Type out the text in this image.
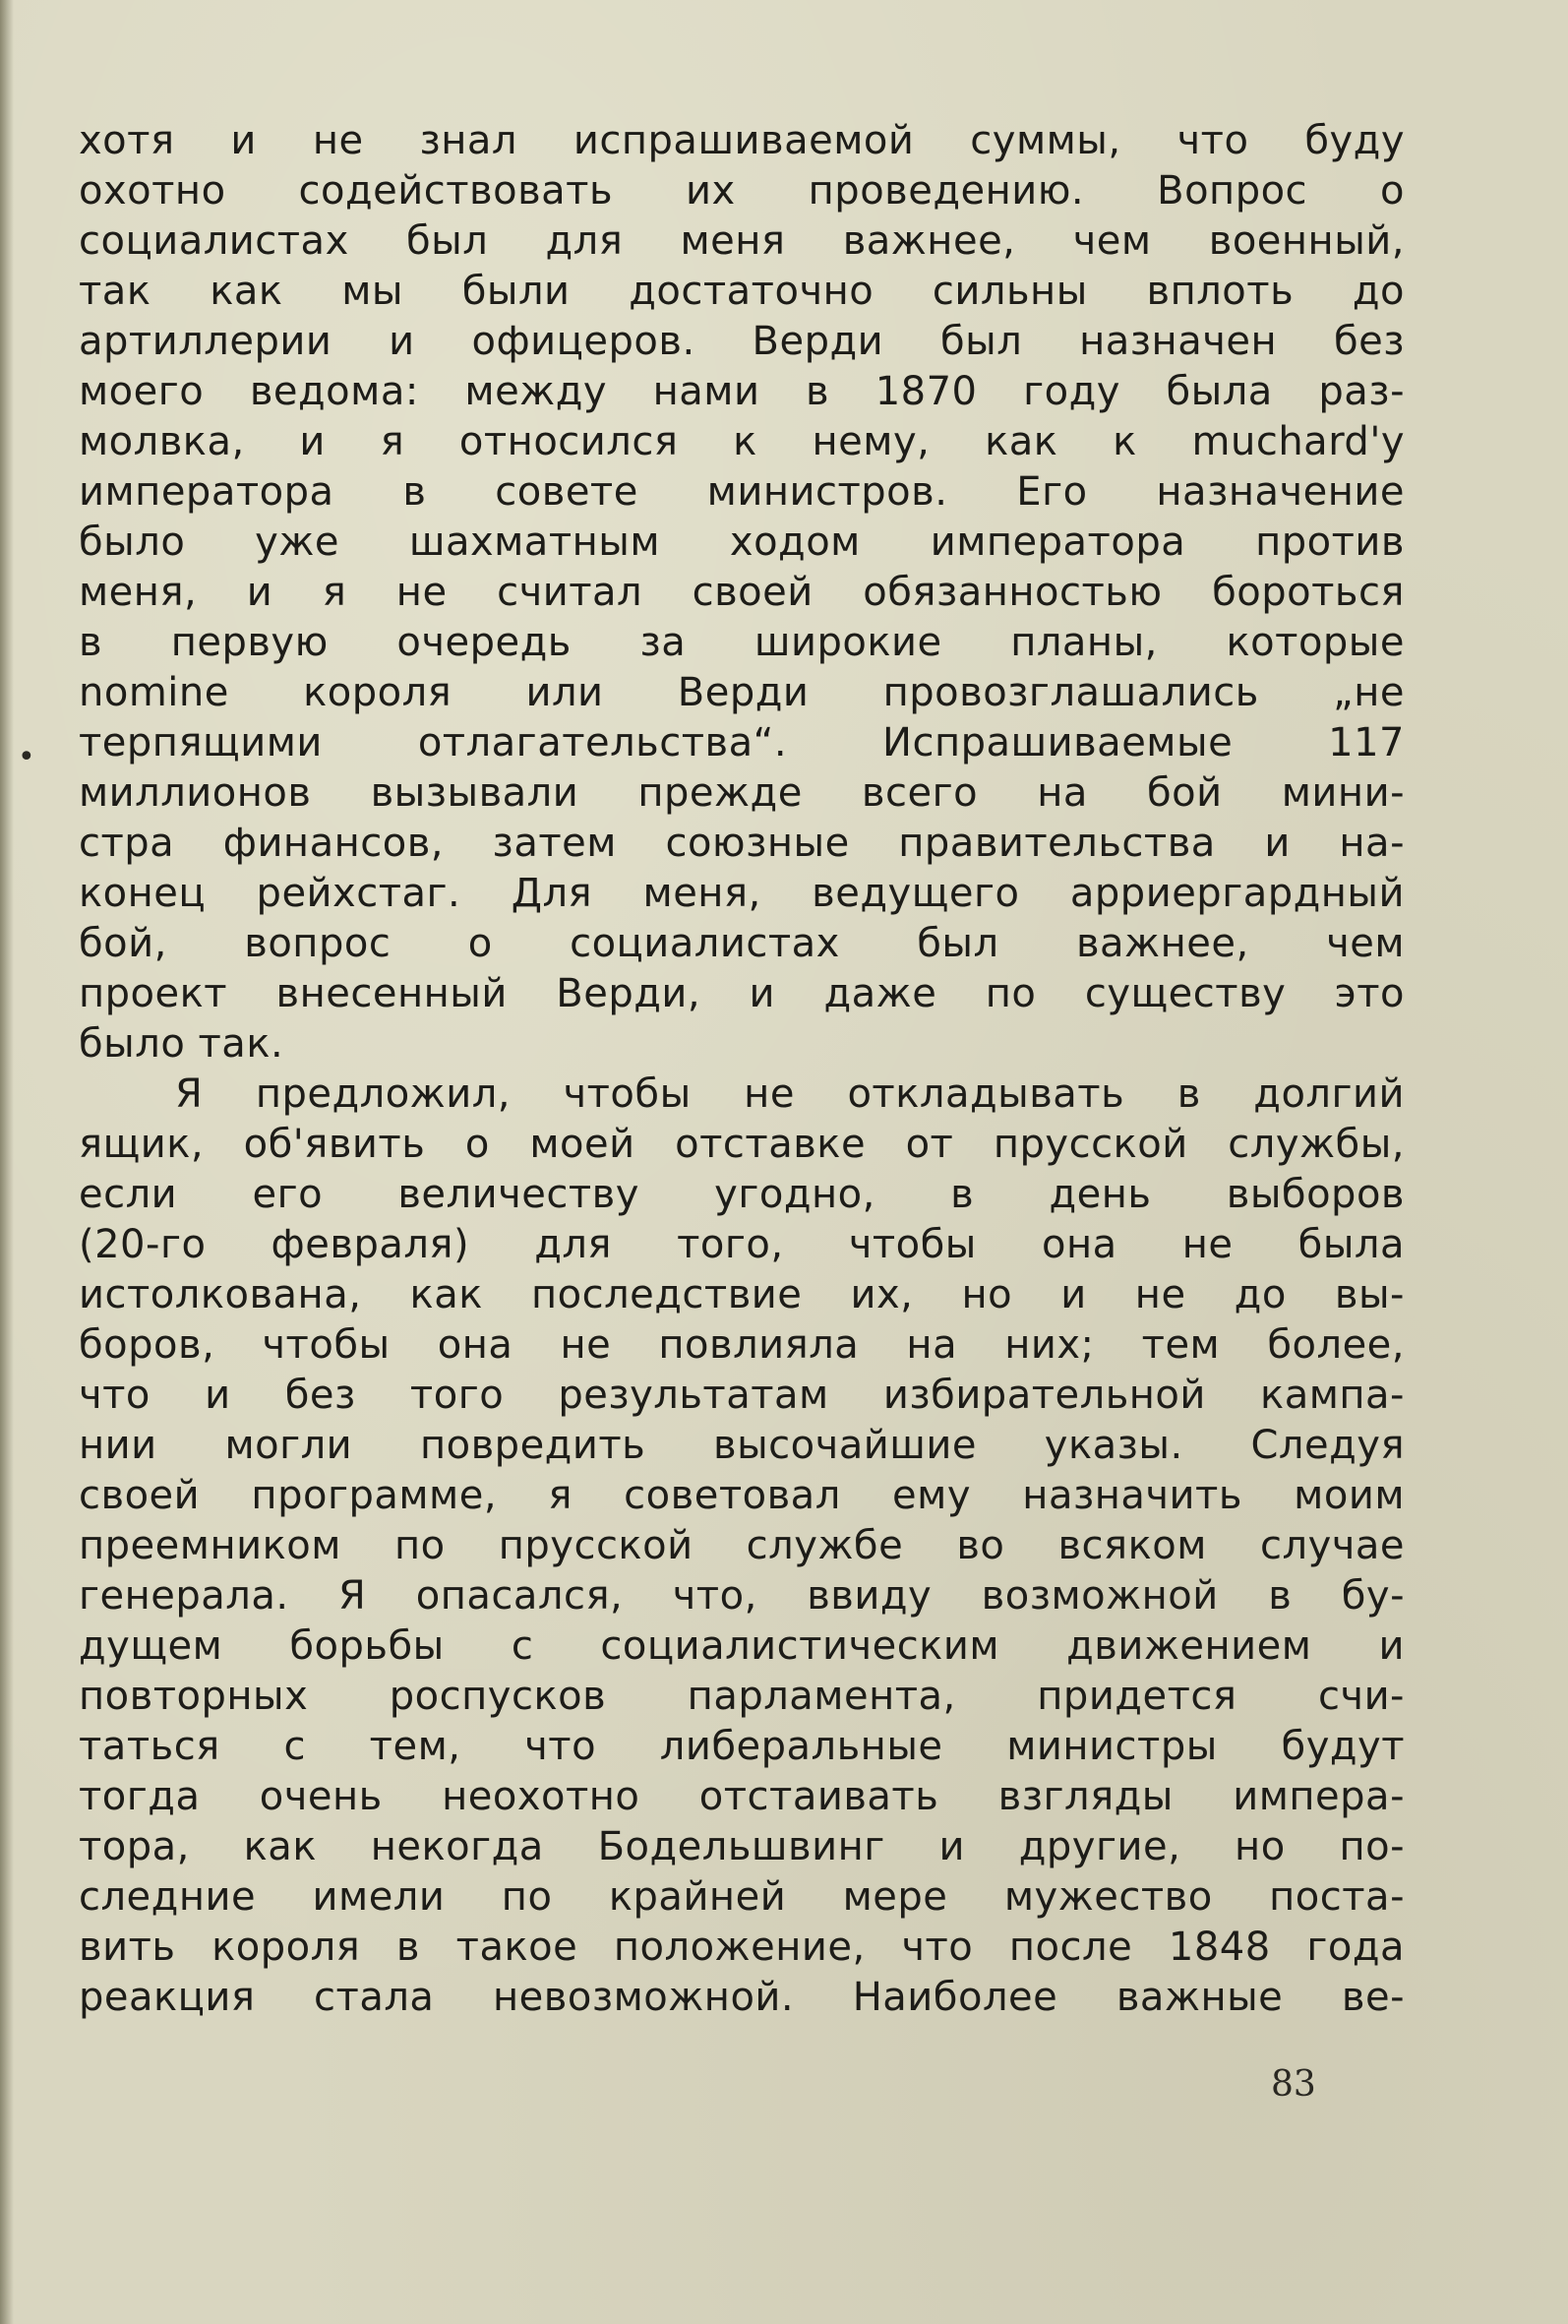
•
хотя и не знал испрашиваемой суммы, что буду
охотно содействовать их проведению. Вопрос о
социалистах был для меня важнее, чем военный,
так как мы были достаточно сильны вплоть до
артиллерии и офицеров. Верди был назначен без
моего ведома: между нами в 1870 году была раз-
молвка, и я относился к нему, как к muchard'y
императора в совете министров. Его назначение
было уже шахматным ходом императора против
меня, и я не считал своей обязанностью бороться
в первую очередь за широкие планы, которые
nomine короля или Верди провозглашались „не
терпящими отлагательства“. Испрашиваемые 117
миллионов вызывали прежде всего на бой мини-
стра финансов, затем союзные правительства и на-
конец рейхстаг. Для меня, ведущего арриергардный
бой, вопрос о социалистах был важнее, чем
проект внесенный Верди, и даже по существу это
было так.
Я предложил, чтобы не откладывать в долгий
ящик, об'явить о моей отставке от прусской службы,
если его величеству угодно, в день выборов
(20-го февраля) для того, чтобы она не была
истолкована, как последствие их, но и не до вы-
боров, чтобы она не повлияла на них; тем более,
что и без того результатам избирательной кампа-
нии могли повредить высочайшие указы. Следуя
своей программе, я советовал ему назначить моим
преемником по прусской службе во всяком случае
генерала. Я опасался, что, ввиду возможной в бу-
дущем борьбы с социалистическим движением и
повторных роспусков парламента, придется счи-
таться с тем, что либеральные министры будут
тогда очень неохотно отстаивать взгляды импера-
тора, как некогда Бодельшвинг и другие, но по-
следние имели по крайней мере мужество поста-
вить короля в такое положение, что после 1848 года
реакция стала невозможной. Наиболее важные ве-
83
